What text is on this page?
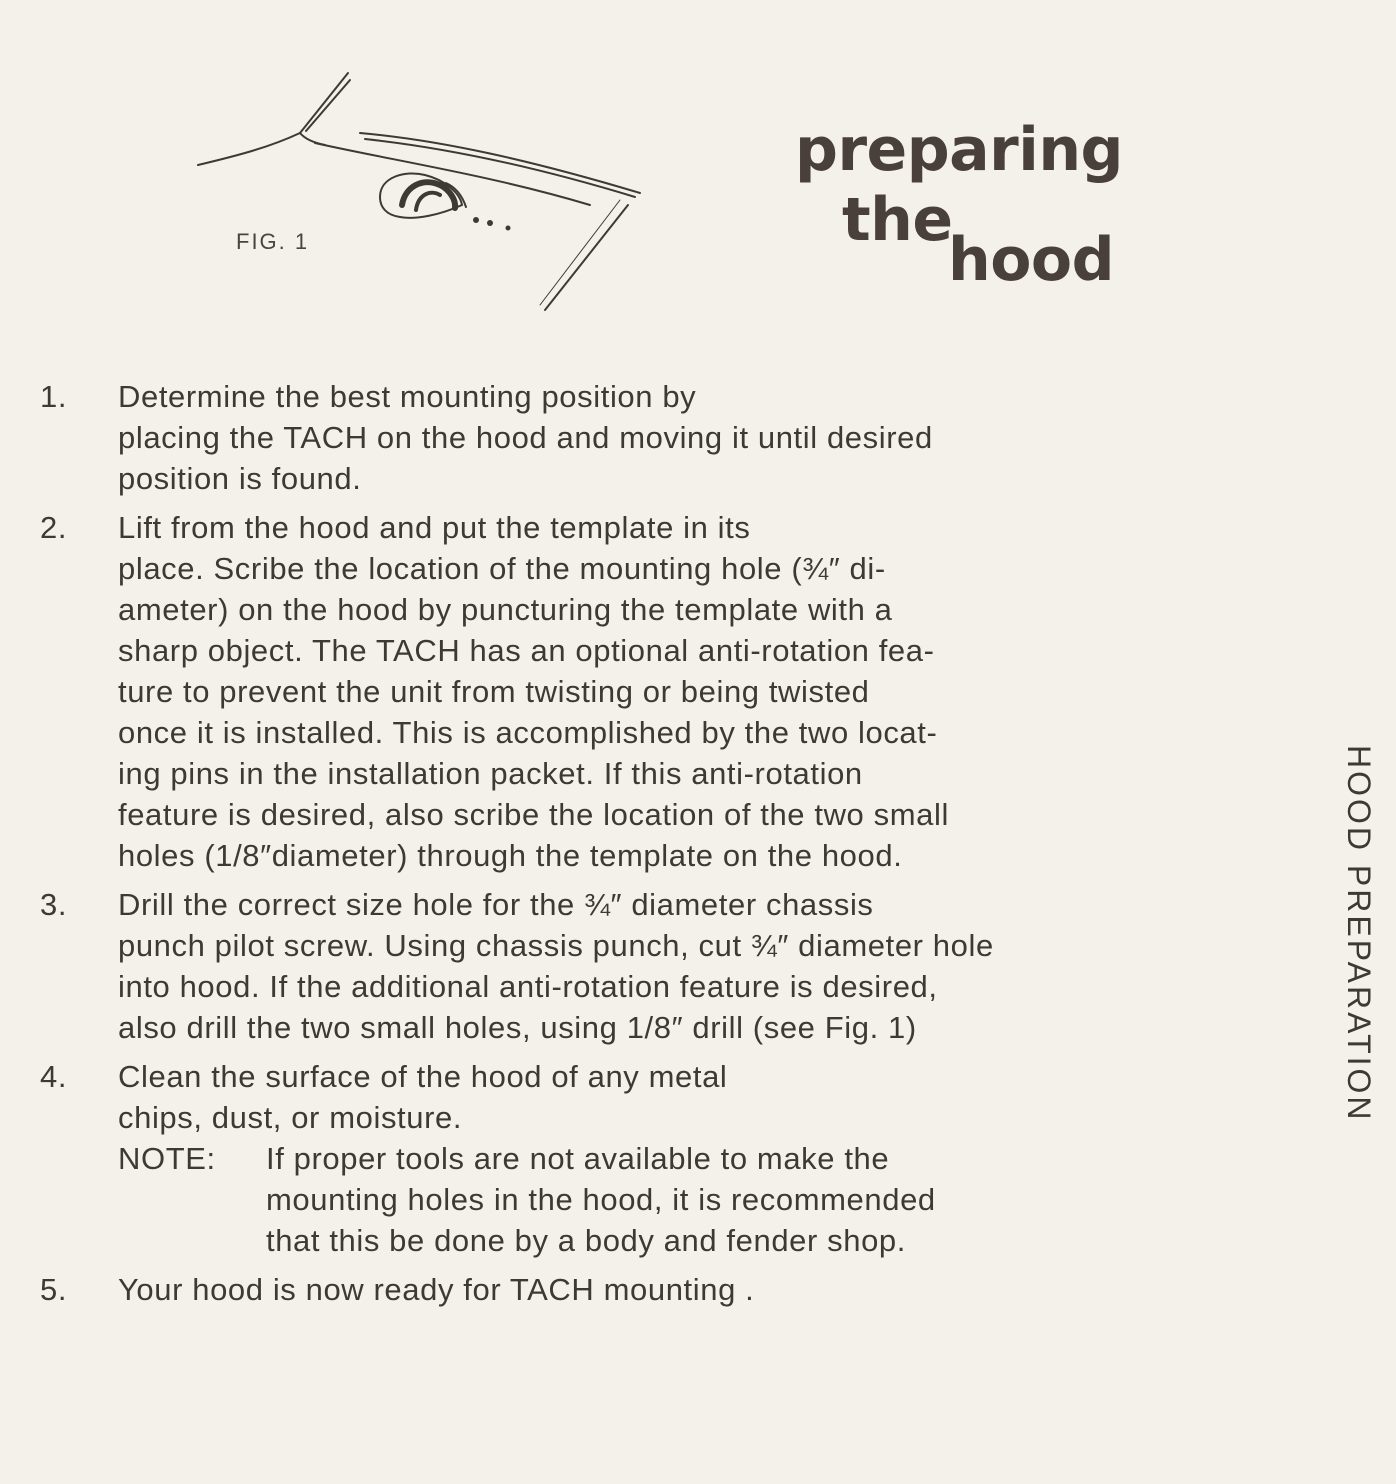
FIG. 1
preparing
the
hood
1. Determine the best mounting position by
placing the TACH on the hood and moving it until desired
position is found.
2. Lift from the hood and put the template in its
place. Scribe the location of the mounting hole (¾″ di-
ameter) on the hood by puncturing the template with a
sharp object. The TACH has an optional anti-rotation fea-
ture to prevent the unit from twisting or being twisted
once it is installed. This is accomplished by the two locat-
ing pins in the installation packet. If this anti-rotation
feature is desired, also scribe the location of the two small
holes (1/8″diameter) through the template on the hood.
3. Drill the correct size hole for the ¾″ diameter chassis
punch pilot screw. Using chassis punch, cut ¾″ diameter hole
into hood. If the additional anti-rotation feature is desired,
also drill the two small holes, using 1/8″ drill (see Fig. 1)
4. Clean the surface of the hood of any metal
chips, dust, or moisture.
NOTE: If proper tools are not available to make the
mounting holes in the hood, it is recommended
that this be done by a body and fender shop.
5. Your hood is now ready for TACH mounting .
HOOD PREPARATION
